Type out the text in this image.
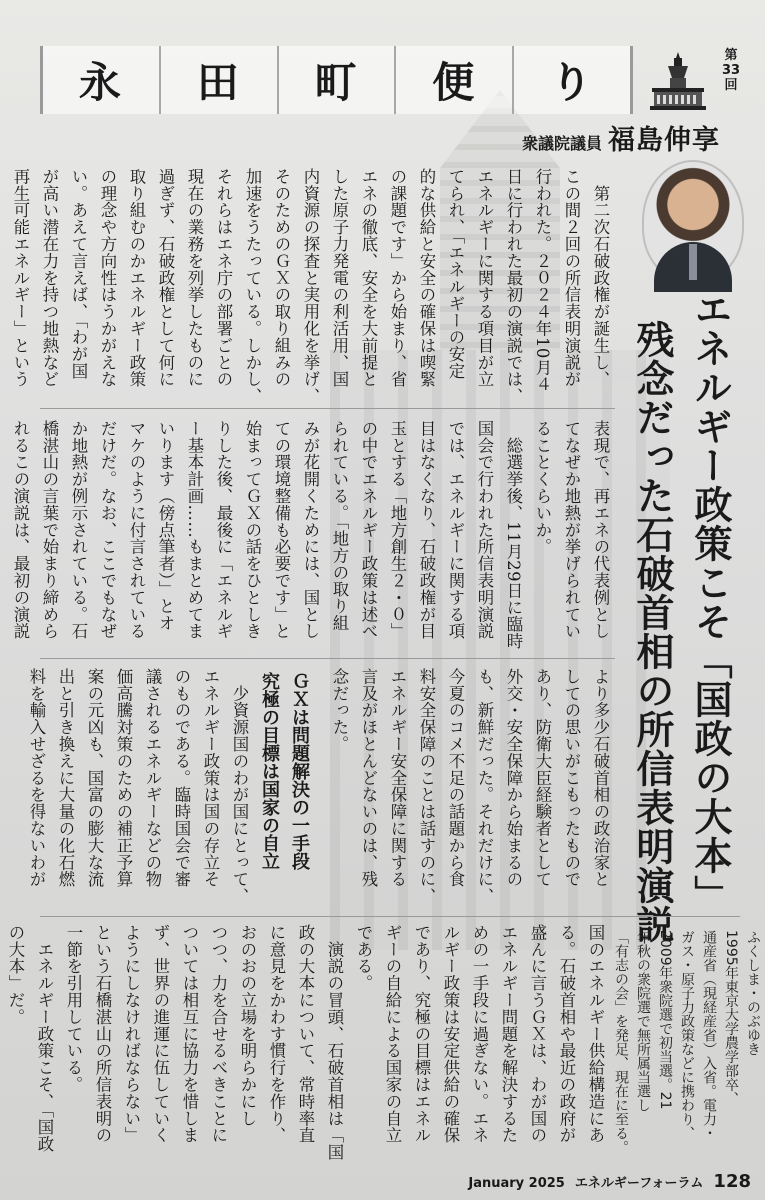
永	田	町	便	り
第33回
衆議院議員 福島伸享
エネルギー政策こそ「国政の大本」
残念だった石破首相の所信表明演説
　第二次石破政権が誕生し、
この間２回の所信表明演説が
行われた。２０２４年10月４
日に行われた最初の演説では、
エネルギーに関する項目が立
てられ、「エネルギーの安定
的な供給と安全の確保は喫緊
の課題です」から始まり、省
エネの徹底、安全を大前提と
した原子力発電の利活用、国
内資源の探査と実用化を挙げ、
そのためのＧＸの取り組みの
加速をうたっている。しかし、
それらはエネ庁の部署ごとの
現在の業務を列挙したものに
過ぎず、石破政権として何に
取り組むのかエネルギー政策
の理念や方向性はうかがえな
い。あえて言えば、「わが国
が高い潜在力を持つ地熱など
再生可能エネルギー」という
表現で、再エネの代表例とし
てなぜか地熱が挙げられてい
ることくらいか。
　総選挙後、11月29日に臨時
国会で行われた所信表明演説
では、エネルギーに関する項
目はなくなり、石破政権が目
玉とする「地方創生２・０」
の中でエネルギー政策は述べ
られている。「地方の取り組
みが花開くためには、国とし
ての環境整備も必要です」と
始まってＧＸの話をひとしき
りした後、最後に「エネルギ
ー基本計画……もまとめてま
いります（傍点筆者）」とオ
マケのように付言されている
だけだ。なお、ここでもなぜ
か地熱が例示されている。石
橋湛山の言葉で始まり締めら
れるこの演説は、最初の演説
より多少石破首相の政治家と
しての思いがこもったもので
あり、防衛大臣経験者として
外交・安全保障から始まるの
も、新鮮だった。それだけに、
今夏のコメ不足の話題から食
料安全保障のことは話すのに、
エネルギー安全保障に関する
言及がほとんどないのは、残
念だった。
ＧＸは問題解決の一手段
究極の目標は国家の自立
　少資源国のわが国にとって、
エネルギー政策は国の存立そ
のものである。臨時国会で審
議されるエネルギーなどの物
価高騰対策のための補正予算
案の元凶も、国富の膨大な流
出と引き換えに大量の化石燃
料を輸入せざるを得ないわが
国のエネルギー供給構造にあ
る。石破首相や最近の政府が
盛んに言うＧＸは、わが国の
エネルギー問題を解決するた
めの一手段に過ぎない。エネ
ルギー政策は安定供給の確保
であり、究極の目標はエネル
ギーの自給による国家の自立
である。
　演説の冒頭、石破首相は「国
政の大本について、常時率直
に意見をかわす慣行を作り、
おのおの立場を明らかにし
つつ、力を合せるべきことに
ついては相互に協力を惜しま
ず、世界の進運に伍していく
ようにしなければならない」
という石橋湛山の所信表明の
一節を引用している。
　エネルギー政策こそ、「国政
の大本」だ。	ふくしま・のぶゆき
1995年東京大学農学部卒、
通産省（現経産省）入省。電力・
ガス・原子力政策などに携わり、
2009年衆院選で初当選。21
年秋の衆院選で無所属当選し
「有志の会」を発足、現在に至る。
January 2025 エネルギーフォーラム 128
